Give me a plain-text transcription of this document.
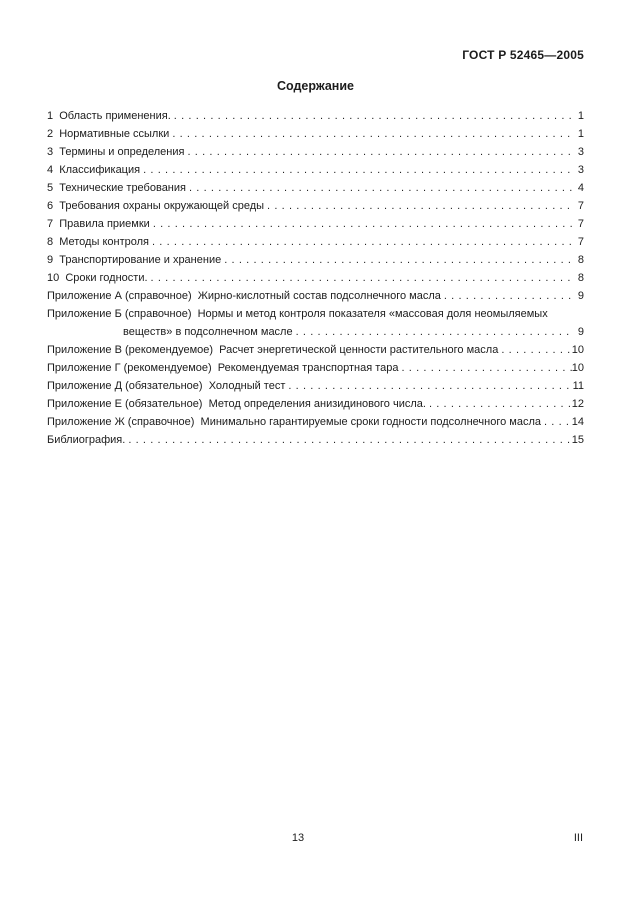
ГОСТ Р 52465—2005
Содержание
1  Область применения. . . .	1
2  Нормативные ссылки . . .	1
3  Термины и определения . . .	3
4  Классификация . . .	3
5  Технические требования . . .	4
6  Требования охраны окружающей среды . . .	7
7  Правила приемки . . .	7
8  Методы контроля . . .	7
9  Транспортирование и хранение . . .	8
10  Сроки годности. . . .	8
Приложение А (справочное)  Жирно-кислотный состав подсолнечного масла . . .	9
Приложение Б (справочное)  Нормы и метод контроля показателя «массовая доля неомыляемых
веществ» в подсолнечном масле . . .	9
Приложение В (рекомендуемое)  Расчет энергетической ценности растительного масла . . .	10
Приложение Г (рекомендуемое)  Рекомендуемая транспортная тара . . .	10
Приложение Д (обязательное)  Холодный тест . . .	11
Приложение Е (обязательное)  Метод определения анизидинового числа. . . .	12
Приложение Ж (справочное)  Минимально гарантируемые сроки годности подсолнечного масла . . .	14
Библиография. . . .	15
13	III
